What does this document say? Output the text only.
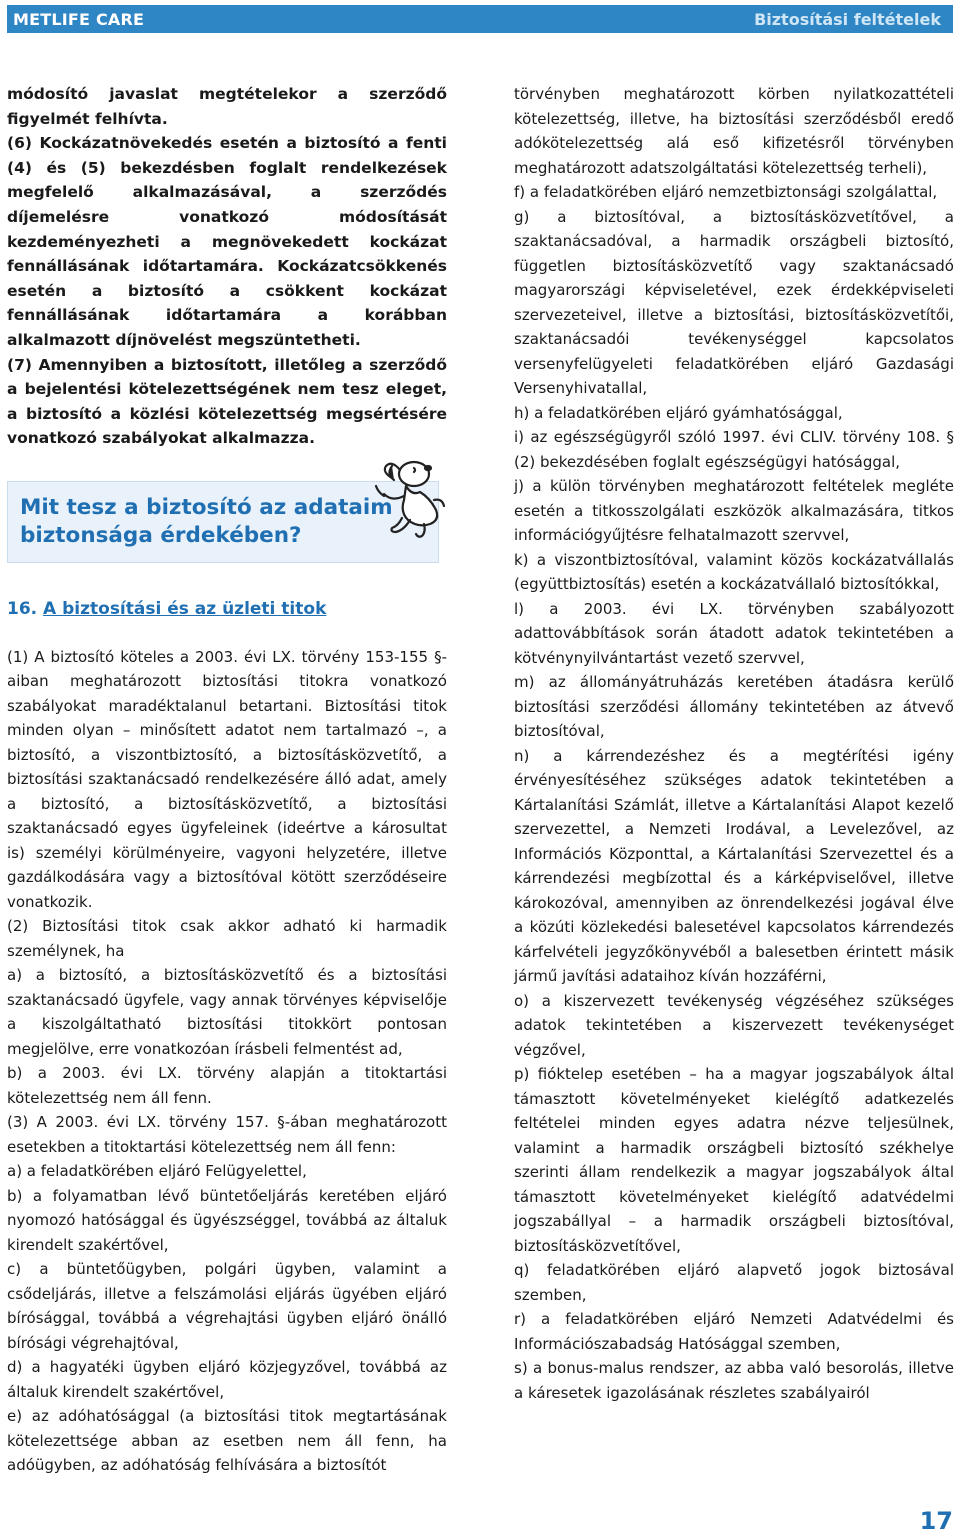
METLIFE CARE	Biztosítási feltételek

módosító javaslat megtételekor a szerződő figyelmét felhívta.

(6) Kockázatnövekedés esetén a biztosító a fenti (4) és (5) bekezdésben foglalt rendelkezések megfelelő alkalmazásával, a szerződés díjemelésre vonatkozó módosítását kezdeményezheti a megnövekedett kockázat fennállásának időtartamára. Kockázatcsökkenés esetén a biztosító a csökkent kockázat fennállásának időtartamára a korábban alkalmazott díjnövelést megszüntetheti.

(7) Amennyiben a biztosított, illetőleg a szerződő a bejelentési kötelezettségének nem tesz eleget, a biztosító a közlési kötelezettség megsértésére vonatkozó szabályokat alkalmazza.

Mit tesz a biztosító az adataim biztonsága érdekében?
16. A biztosítási és az üzleti titok

(1) A biztosító köteles a 2003. évi LX. törvény 153-155 §- aiban meghatározott biztosítási titokra vonatkozó szabályokat maradéktalanul betartani. Biztosítási titok minden olyan – minősített adatot nem tartalmazó –, a biztosító, a viszontbiztosító, a biztosításközvetítő, a biztosítási szaktanácsadó rendelkezésére álló adat, amely a biztosító, a biztosításközvetítő, a biztosítási szaktanácsadó egyes ügyfeleinek (ideértve a károsultat is) személyi körülményeire, vagyoni helyzetére, illetve gazdálkodására vagy a biztosítóval kötött szerződéseire vonatkozik.

(2) Biztosítási titok csak akkor adható ki harmadik személynek, ha

a) a biztosító, a biztosításközvetítő és a biztosítási szaktanácsadó ügyfele, vagy annak törvényes képviselője a kiszolgáltatható biztosítási titokkört pontosan megjelölve, erre vonatkozóan írásbeli felmentést ad,

b) a 2003. évi LX. törvény alapján a titoktartási kötelezettség nem áll fenn.

(3) A 2003. évi LX. törvény 157. §-ában meghatározott esetekben a titoktartási kötelezettség nem áll fenn:

a) a feladatkörében eljáró Felügyelettel,

b) a folyamatban lévő büntetőeljárás keretében eljáró nyomozó hatósággal és ügyészséggel, továbbá az általuk kirendelt szakértővel,

c) a büntetőügyben, polgári ügyben, valamint a csődeljárás, illetve a felszámolási eljárás ügyében eljáró bírósággal, továbbá a végrehajtási ügyben eljáró önálló bírósági végrehajtóval,

d) a hagyatéki ügyben eljáró közjegyzővel, továbbá az általuk kirendelt szakértővel,

e) az adóhatósággal (a biztosítási titok megtartásának kötelezettsége abban az esetben nem áll fenn, ha adóügyben, az adóhatóság felhívására a biztosítót

törvényben meghatározott körben nyilatkozattételi kötelezettség, illetve, ha biztosítási szerződésből eredő adókötelezettség alá eső kifizetésről törvényben meghatározott adatszolgáltatási kötelezettség terheli),

f) a feladatkörében eljáró nemzetbiztonsági szolgálattal,

g) a biztosítóval, a biztosításközvetítővel, a szaktanácsadóval, a harmadik országbeli biztosító, független biztosításközvetítő vagy szaktanácsadó magyarországi képviseletével, ezek érdekképviseleti szervezeteivel, illetve a biztosítási, biztosításközvetítői, szaktanácsadói tevékenységgel kapcsolatos versenyfelügyeleti feladatkörében eljáró Gazdasági Versenyhivatallal,

h) a feladatkörében eljáró gyámhatósággal,

i) az egészségügyről szóló 1997. évi CLIV. törvény 108. § (2) bekezdésében foglalt egészségügyi hatósággal,

j) a külön törvényben meghatározott feltételek megléte esetén a titkosszolgálati eszközök alkalmazására, titkos információgyűjtésre felhatalmazott szervvel,

k) a viszontbiztosítóval, valamint közös kockázatvállalás (együttbiztosítás) esetén a kockázatvállaló biztosítókkal,

l) a 2003. évi LX. törvényben szabályozott adattovábbítások során átadott adatok tekintetében a kötvénynyilvántartást vezető szervvel,

m) az állományátruházás keretében átadásra kerülő biztosítási szerződési állomány tekintetében az átvevő biztosítóval,

n) a kárrendezéshez és a megtérítési igény érvényesítéséhez szükséges adatok tekintetében a Kártalanítási Számlát, illetve a Kártalanítási Alapot kezelő szervezettel, a Nemzeti Irodával, a Levelezővel, az Információs Központtal, a Kártalanítási Szervezettel és a kárrendezési megbízottal és a kárképviselővel, illetve károkozóval, amennyiben az önrendelkezési jogával élve a közúti közlekedési balesetével kapcsolatos kárrendezés kárfelvételi jegyzőkönyvéből a balesetben érintett másik jármű javítási adataihoz kíván hozzáférni,

o) a kiszervezett tevékenység végzéséhez szükséges adatok tekintetében a kiszervezett tevékenységet végzővel,

p) fióktelep esetében – ha a magyar jogszabályok által támasztott követelményeket kielégítő adatkezelés feltételei minden egyes adatra nézve teljesülnek, valamint a harmadik országbeli biztosító székhelye szerinti állam rendelkezik a magyar jogszabályok által támasztott követelményeket kielégítő adatvédelmi jogszabállyal – a harmadik országbeli biztosítóval, biztosításközvetítővel,

q) feladatkörében eljáró alapvető jogok biztosával szemben,

r) a feladatkörében eljáró Nemzeti Adatvédelmi és Információszabadság Hatósággal szemben,

s) a bonus-malus rendszer, az abba való besorolás, illetve a káresetek igazolásának részletes szabályairól

17
